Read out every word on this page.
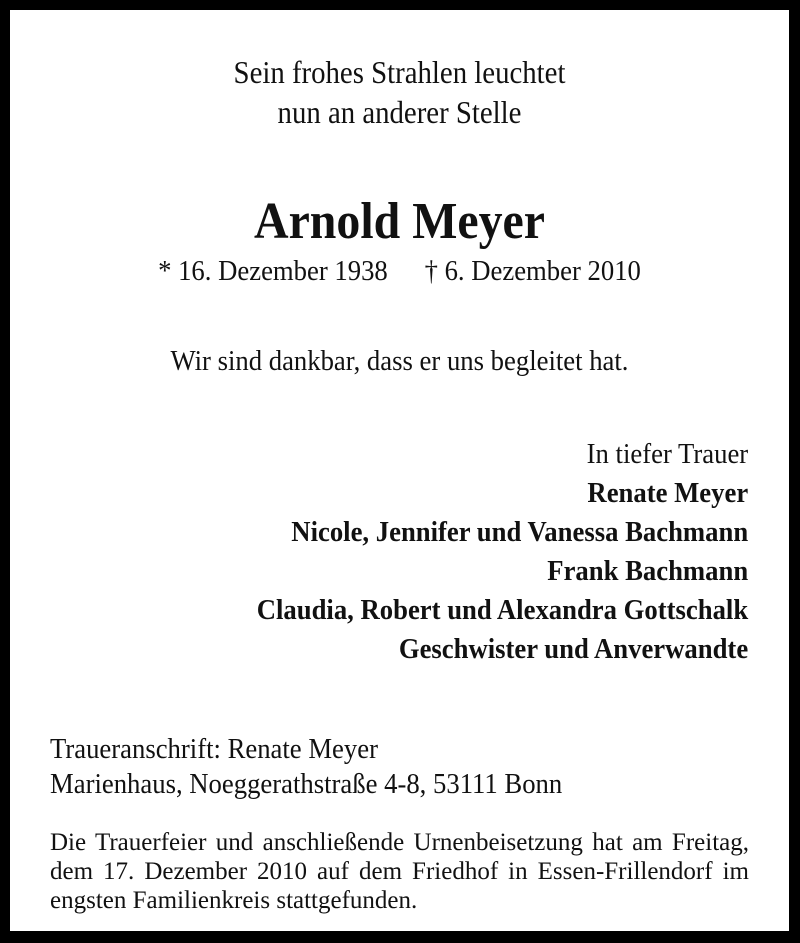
Sein frohes Strahlen leuchtet
nun an anderer Stelle
Arnold Meyer
* 16. Dezember 1938 † 6. Dezember 2010
Wir sind dankbar, dass er uns begleitet hat.
In tiefer Trauer
Renate Meyer
Nicole, Jennifer und Vanessa Bachmann
Frank Bachmann
Claudia, Robert und Alexandra Gottschalk
Geschwister und Anverwandte
Traueranschrift: Renate Meyer
Marienhaus, Noeggerathstraße 4-8, 53111 Bonn
Die Trauerfeier und anschließende Urnenbeisetzung hat am Freitag, dem 17. Dezember 2010 auf dem Friedhof in Essen-Frillendorf im engsten Familienkreis stattgefunden.
